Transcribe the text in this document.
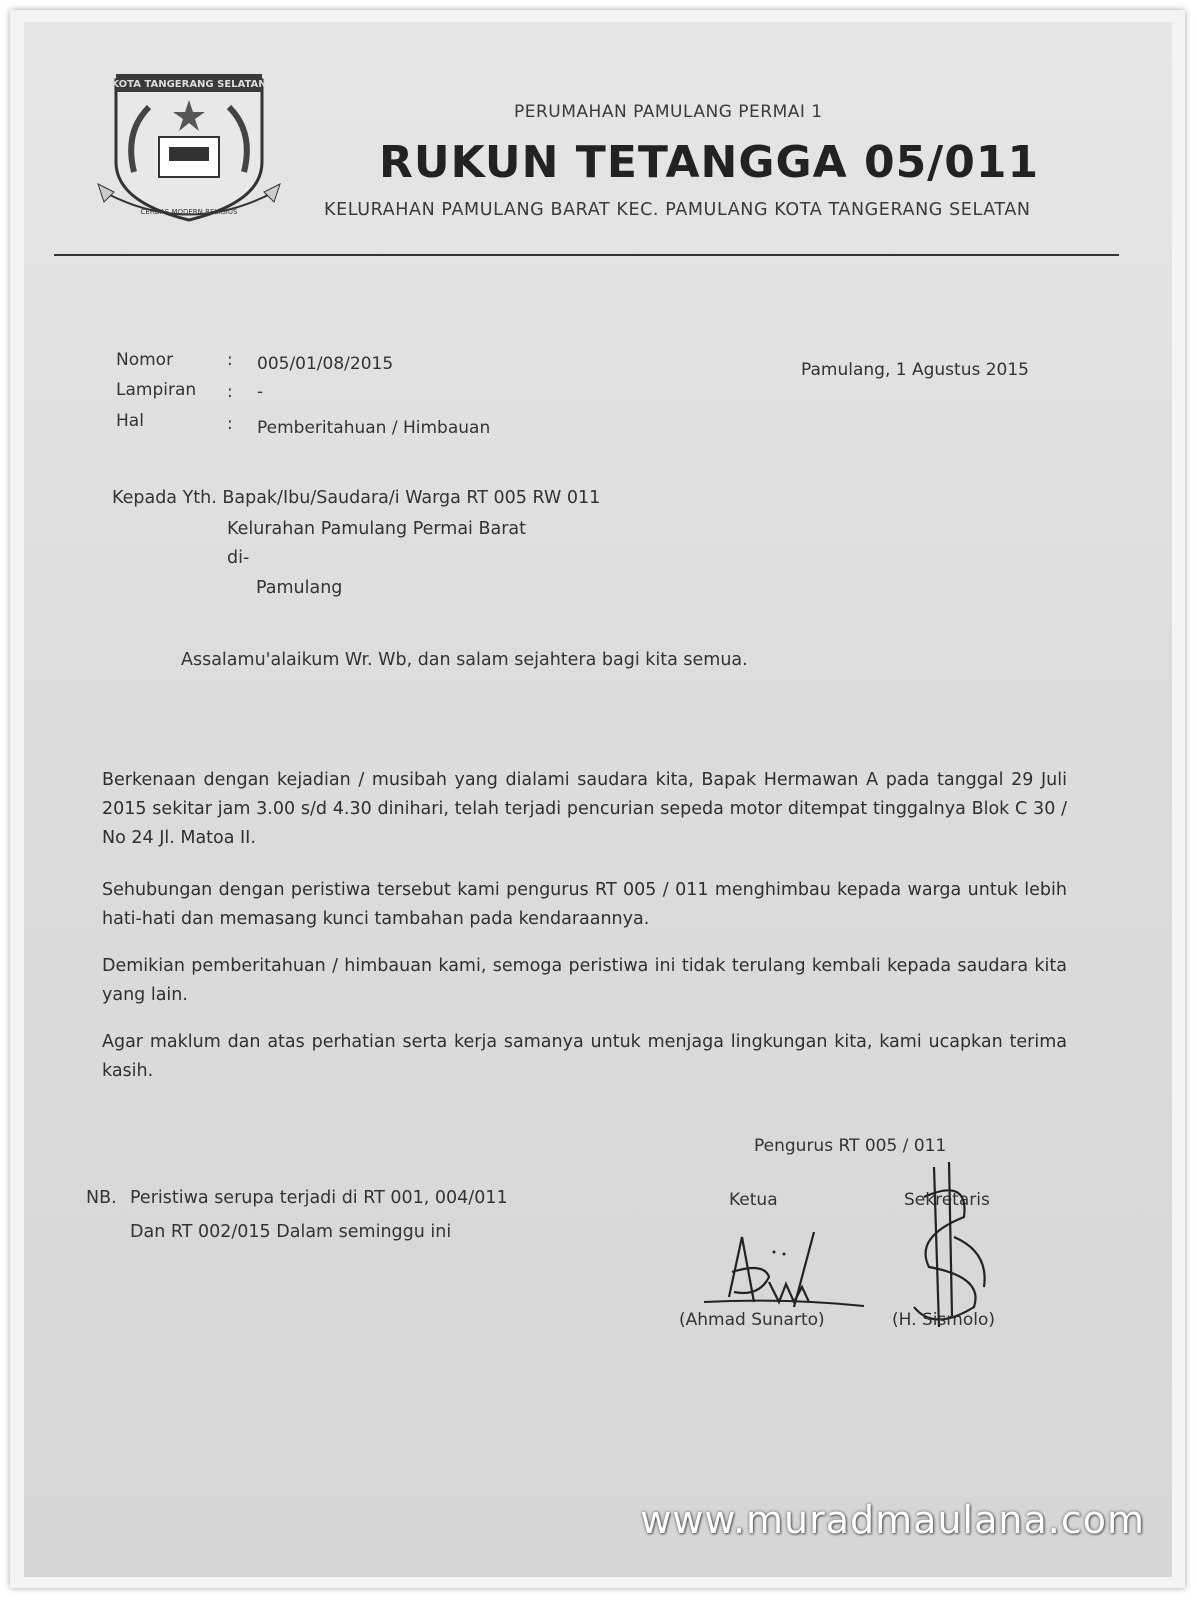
KOTA TANGERANG SELATAN
CERDAS MODERN RELIGIUS
PERUMAHAN PAMULANG PERMAI 1
RUKUN TETANGGA 05/011
KELURAHAN PAMULANG BARAT KEC. PAMULANG KOTA TANGERANG SELATAN
Nomor	: 005/01/08/2015
Lampiran : -
Hal	: Pemberitahuan / Himbauan
Pamulang, 1 Agustus 2015
Kepada Yth. Bapak/Ibu/Saudara/i Warga RT 005 RW 011
Kelurahan Pamulang Permai Barat
di-
Pamulang
Assalamu'alaikum Wr. Wb, dan salam sejahtera bagi kita semua.

Berkenaan dengan kejadian / musibah yang dialami saudara kita, Bapak Hermawan A pada tanggal 29 Juli 2015 sekitar jam 3.00 s/d 4.30 dinihari, telah terjadi pencurian sepeda motor ditempat tinggalnya Blok C 30 / No 24 Jl. Matoa II.

Sehubungan dengan peristiwa tersebut kami pengurus RT 005 / 011 menghimbau kepada warga untuk lebih hati-hati dan memasang kunci tambahan pada kendaraannya.

Demikian pemberitahuan / himbauan kami, semoga peristiwa ini tidak terulang kembali kepada saudara kita yang lain.

Agar maklum dan atas perhatian serta kerja samanya untuk menjaga lingkungan kita, kami ucapkan terima kasih.

Pengurus RT 005 / 011
Ketua	Sekretaris
(Ahmad Sunarto)	(H. Sismolo)
NB. Peristiwa serupa terjadi di RT 001, 004/011
Dan RT 002/015 Dalam seminggu ini
www.muradmaulana.com
